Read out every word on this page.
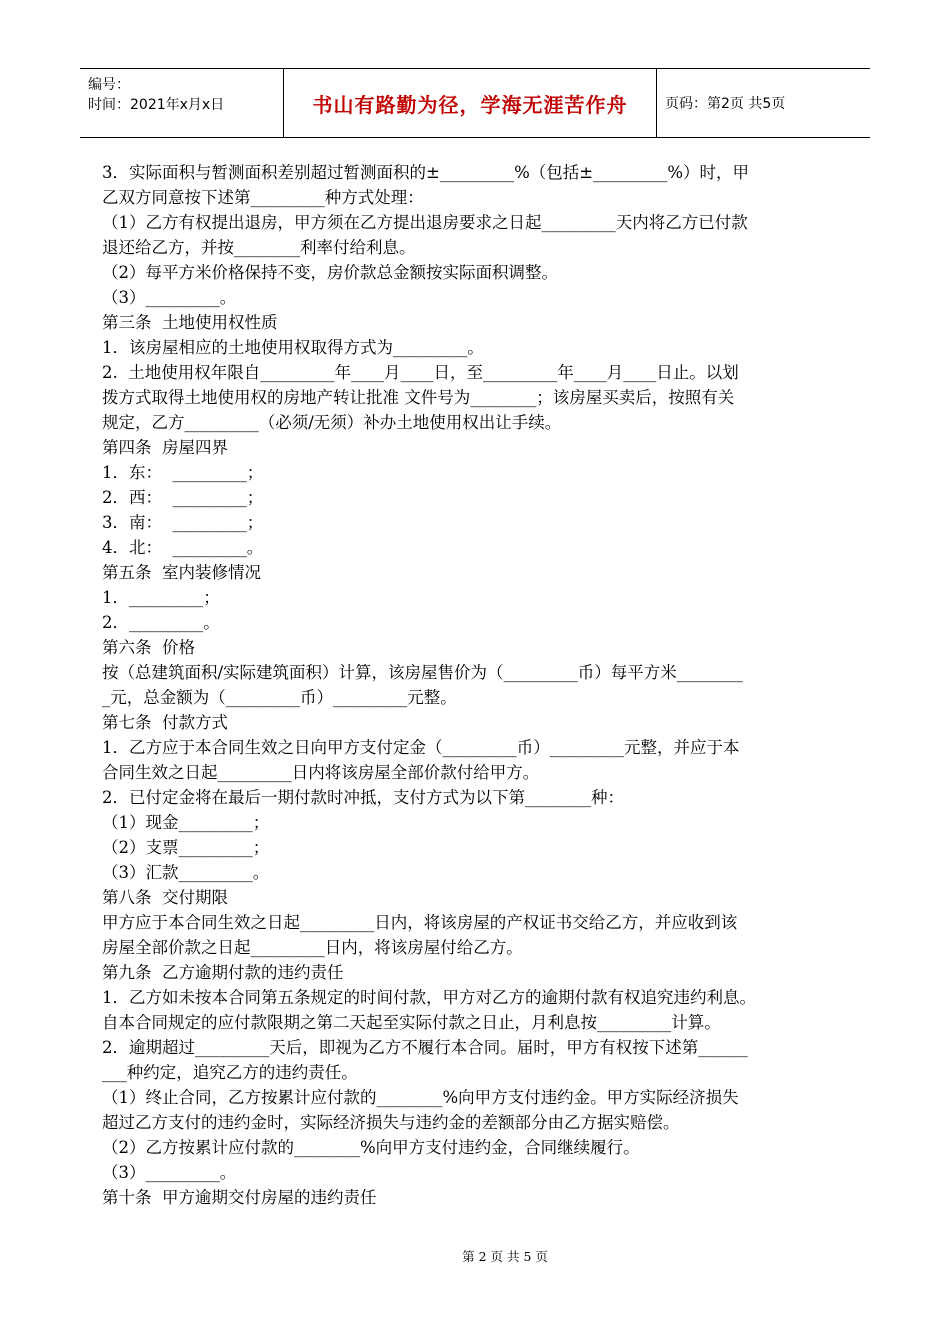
编号：
时间：2021年x月x日	书山有路勤为径，学海无涯苦作舟	页码：第2页 共5页
3．实际面积与暂测面积差别超过暂测面积的±_________%（包括±_________%）时，甲
乙双方同意按下述第_________种方式处理：
（1）乙方有权提出退房，甲方须在乙方提出退房要求之日起_________天内将乙方已付款
退还给乙方，并按________利率付给利息。
（2）每平方米价格保持不变，房价款总金额按实际面积调整。
（3）_________。
第三条  土地使用权性质
1．该房屋相应的土地使用权取得方式为_________。
2.  土地使用权年限自_________年____月____日，至_________年____月____日止。以划
拨方式取得土地使用权的房地产转让批准 文件号为________；该房屋买卖后，按照有关
规定，乙方_________（必须/无须）补办土地使用权出让手续。
第四条  房屋四界
1．东：  _________；
2．西：  _________；
3．南：  _________；
4．北：  _________。
第五条  室内装修情况
1．_________；
2．_________。
第六条  价格
按（总建筑面积/实际建筑面积）计算，该房屋售价为（_________币）每平方米________
_元，总金额为（_________币）_________元整。
第七条  付款方式
1．乙方应于本合同生效之日向甲方支付定金（_________币）_________元整，并应于本
合同生效之日起_________日内将该房屋全部价款付给甲方。
2．已付定金将在最后一期付款时冲抵，支付方式为以下第________种：
（1）现金_________；
（2）支票_________；
（3）汇款_________。
第八条  交付期限
甲方应于本合同生效之日起_________日内，将该房屋的产权证书交给乙方，并应收到该
房屋全部价款之日起_________日内，将该房屋付给乙方。
第九条  乙方逾期付款的违约责任
1．乙方如未按本合同第五条规定的时间付款，甲方对乙方的逾期付款有权追究违约利息。
自本合同规定的应付款限期之第二天起至实际付款之日止，月利息按_________计算。
2．逾期超过_________天后，即视为乙方不履行本合同。届时，甲方有权按下述第______
___种约定，追究乙方的违约责任。
（1）终止合同，乙方按累计应付款的________%向甲方支付违约金。甲方实际经济损失
超过乙方支付的违约金时，实际经济损失与违约金的差额部分由乙方据实赔偿。
（2）乙方按累计应付款的________%向甲方支付违约金，合同继续履行。
（3）_________。
第十条  甲方逾期交付房屋的违约责任
第 2 页 共 5 页
